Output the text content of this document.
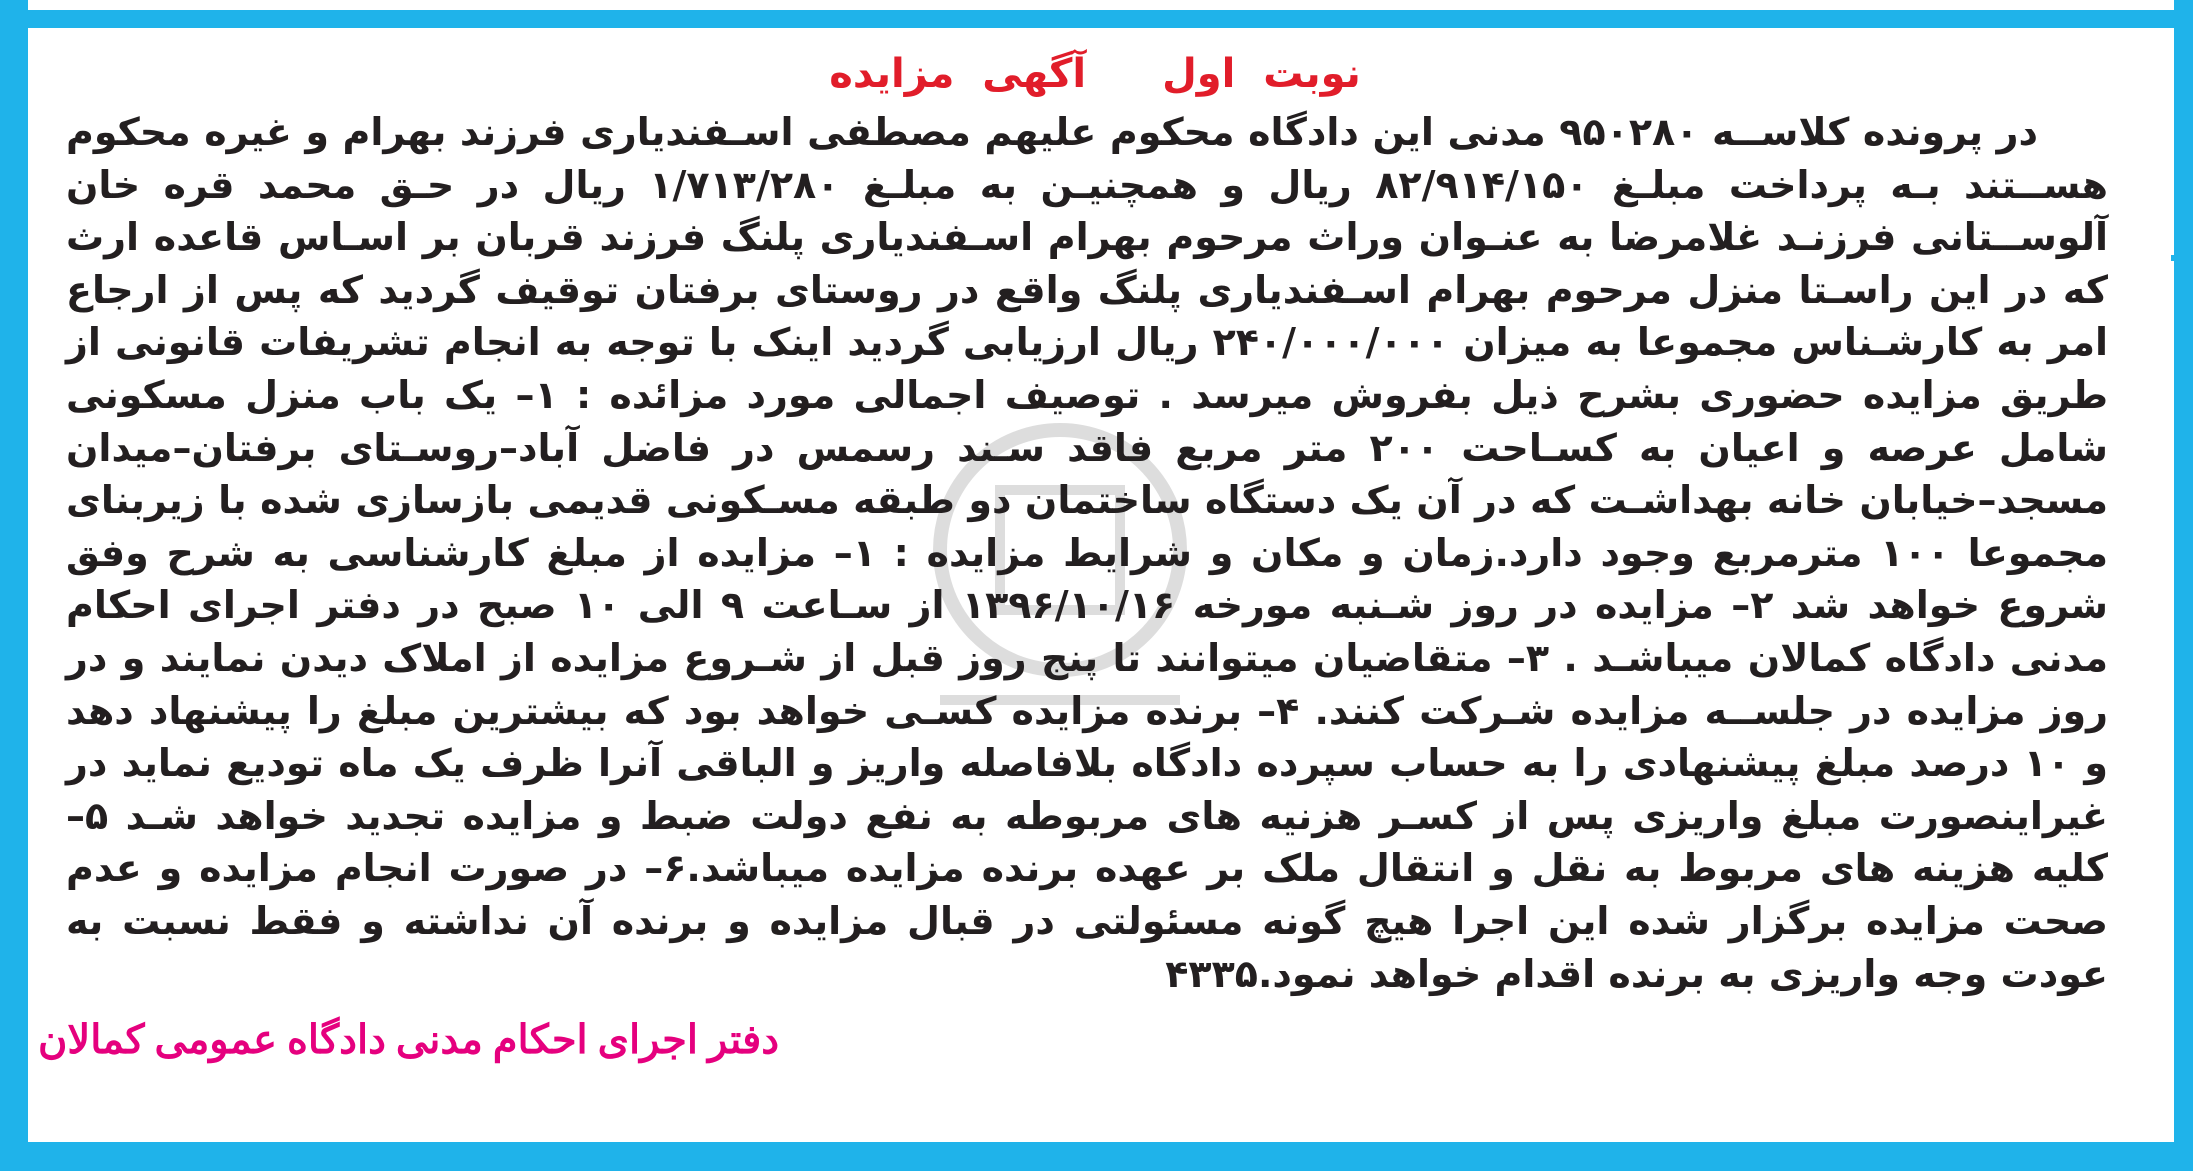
نوبت اول آگهی مزایده

در پرونده کلاســه ۹۵۰۲۸۰ مدنی این دادگاه محکوم علیهم مصطفی اسـفندیاری فرزند بهرام و غیره محکوم هســتند بـه پرداخت مبلـغ ۸۲/۹۱۴/۱۵۰ ریال و همچنیـن به مبلـغ ۱/۷۱۳/۲۸۰ ریال در حـق محمد قره خان آلوســتانی فرزنـد غلامرضا به عنـوان وراث مرحوم بهرام اسـفندیاری پلنگ فرزند قربان بر اسـاس قاعده ارث که در این راسـتا منزل مرحوم بهرام اسـفندیاری پلنگ واقع در روستای برفتان توقیف گردید که پس از ارجاع امر به کارشـناس مجموعا به میزان ۲۴۰/۰۰۰/۰۰۰ ریال ارزیابی گردید اینک با توجه به انجام تشریفات قانونی از طریق مزایده حضوری بشرح ذیل بفروش میرسد . توصیف اجمالی مورد مزائده : ۱– یک باب منزل مسکونی شامل عرصه و اعیان به کسـاحت ۲۰۰ متر مربع فاقد سـند رسمس در فاضل آباد–روسـتای برفتان–میدان مسجد–خیابان خانه بهداشـت که در آن یک دستگاه ساختمان دو طبقه مسـکونی قدیمی بازسازی شده با زیربنای مجموعا ۱۰۰ مترمربع وجود دارد.زمان و مکان و شرایط مزایده : ۱– مزایده از مبلغ کارشناسی به شرح وفق شروع خواهد شد ۲– مزایده در روز شـنبه مورخه ۱۳۹۶/۱۰/۱۶ از سـاعت ۹ الی ۱۰ صبح در دفتر اجرای احکام مدنی دادگاه کمالان میباشـد . ۳– متقاضیان میتوانند تا پنج روز قبل از شـروع مزایده از املاک دیدن نمایند و در روز مزایده در جلســه مزایده شـرکت کنند. ۴– برنده مزایده کسـی خواهد بود که بیشترین مبلغ را پیشنهاد دهد و ۱۰ درصد مبلغ پیشنهادی را به حساب سپرده دادگاه بلافاصله واریز و الباقی آنرا ظرف یک ماه تودیع نماید در غیراینصورت مبلغ واریزی پس از کسـر هزنیه های مربوطه به نفع دولت ضبط و مزایده تجدید خواهد شـد ۵– کلیه هزینه های مربوط به نقل و انتقال ملک بر عهده برنده مزایده میباشد.۶– در صورت انجام مزایده و عدم صحت مزایده برگزار شده این اجرا هیچ گونه مسئولتی در قبال مزایده و برنده آن نداشته و فقط نسبت به عودت وجه واریزی به برنده اقدام خواهد نمود.۴۳۳۵

دفتر اجرای احکام مدنی دادگاه عمومی کمالان
